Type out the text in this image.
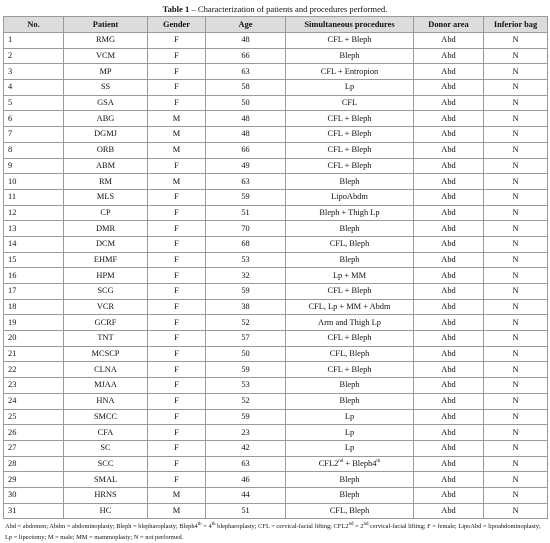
Table 1 – Characterization of patients and procedures performed.
No.	Patient	Gender	Age	Simultaneous procedures	Donor area	Inferior bag
1	RMG	F	48	CFL + Bleph	Abd	N
2	VCM	F	66	Bleph	Abd	N
3	MP	F	63	CFL + Entropion	Abd	N
4	SS	F	58	Lp	Abd	N
5	GSA	F	50	CFL	Abd	N
6	ABG	M	48	CFL + Bleph	Abd	N
7	DGMJ	M	48	CFL + Bleph	Abd	N
8	ORB	M	66	CFL + Bleph	Abd	N
9	ABM	F	49	CFL + Bleph	Abd	N
10	RM	M	63	Bleph	Abd	N
11	MLS	F	59	LipoAbdm	Abd	N
12	CP	F	51	Bleph + Thigh Lp	Abd	N
13	DMR	F	70	Bleph	Abd	N
14	DCM	F	68	CFL, Bleph	Abd	N
15	EHMF	F	53	Bleph	Abd	N
16	HPM	F	32	Lp + MM	Abd	N
17	SCG	F	59	CFL + Bleph	Abd	N
18	VCR	F	38	CFL, Lp + MM + Abdm	Abd	N
19	GCRF	F	52	Arm and Thigh Lp	Abd	N
20	TNT	F	57	CFL + Bleph	Abd	N
21	MCSCP	F	50	CFL, Bleph	Abd	N
22	CLNA	F	59	CFL + Bleph	Abd	N
23	MJAA	F	53	Bleph	Abd	N
24	HNA	F	52	Bleph	Abd	N
25	SMCC	F	59	Lp	Abd	N
26	CFA	F	23	Lp	Abd	N
27	SC	F	42	Lp	Abd	N
28	SCC	F	63	CFL2nd + Bleph4th	Abd	N
29	SMAL	F	46	Bleph	Abd	N
30	HRNS	M	44	Bleph	Abd	N
31	HC	M	51	CFL, Bleph	Abd	N
Abd = abdomen; Abdm = abdominoplasty; Bleph = blepharoplasty; Bleph4th = 4th blepharoplasty; CFL = cervical-facial lifting; CFL2nd = 2nd cervical-facial lifting; F = female; LipoAbd = lipoabdominoplasty; Lp = lipectomy; M = male; MM = mammoplasty; N = not performed.
